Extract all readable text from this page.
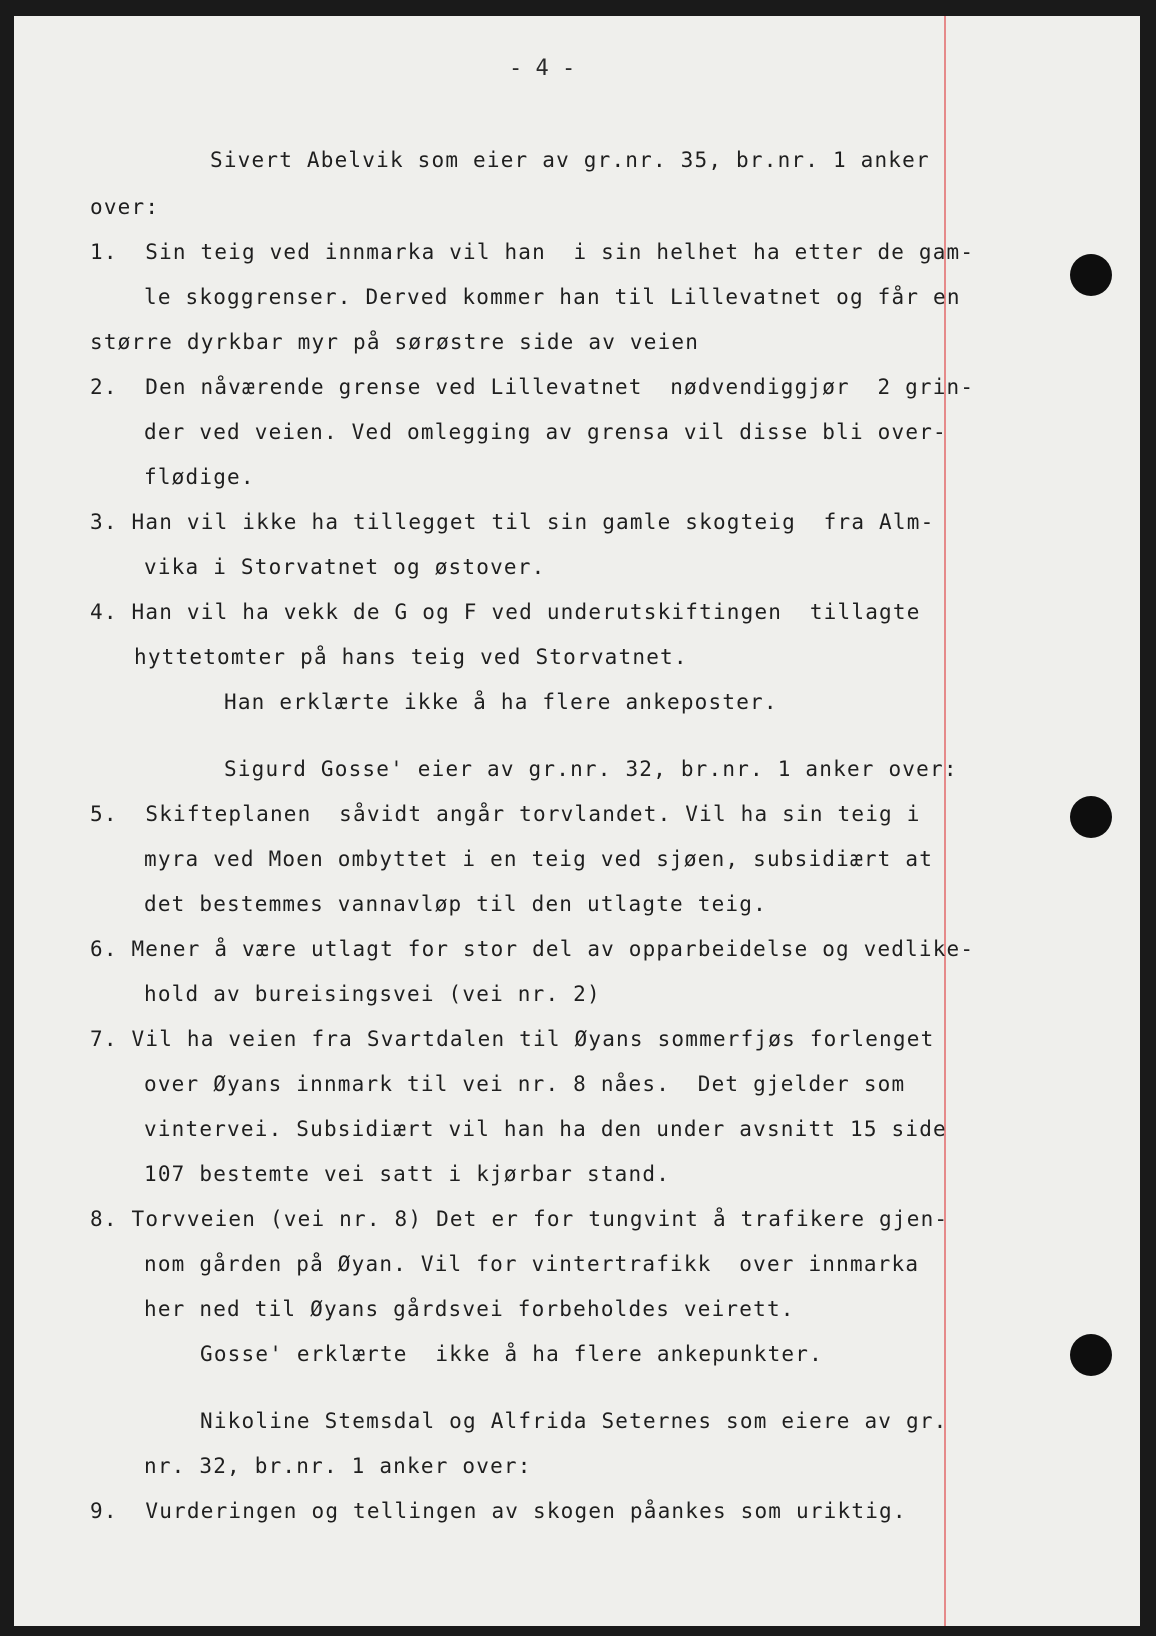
- 4 -
Sivert Abelvik som eier av gr.nr. 35, br.nr. 1 anker
over:
1.  Sin teig ved innmarka vil han  i sin helhet ha etter de gam-
le skoggrenser. Derved kommer han til Lillevatnet og får en
større dyrkbar myr på sørøstre side av veien
2.  Den nåværende grense ved Lillevatnet  nødvendiggjør  2 grin-
der ved veien. Ved omlegging av grensa vil disse bli over-
flødige.
3. Han vil ikke ha tillegget til sin gamle skogteig  fra Alm-
vika i Storvatnet og østover.
4. Han vil ha vekk de G og F ved underutskiftingen  tillagte
hyttetomter på hans teig ved Storvatnet.
Han erklærte ikke å ha flere ankeposter.
Sigurd Gosse' eier av gr.nr. 32, br.nr. 1 anker over:
5.  Skifteplanen  såvidt angår torvlandet. Vil ha sin teig i
myra ved Moen ombyttet i en teig ved sjøen, subsidiært at
det bestemmes vannavløp til den utlagte teig.
6. Mener å være utlagt for stor del av opparbeidelse og vedlike-
hold av bureisingsvei (vei nr. 2)
7. Vil ha veien fra Svartdalen til Øyans sommerfjøs forlenget
over Øyans innmark til vei nr. 8 nåes.  Det gjelder som
vintervei. Subsidiært vil han ha den under avsnitt 15 side
107 bestemte vei satt i kjørbar stand.
8. Torvveien (vei nr. 8) Det er for tungvint å trafikere gjen-
nom gården på Øyan. Vil for vintertrafikk  over innmarka
her ned til Øyans gårdsvei forbeholdes veirett.
Gosse' erklærte  ikke å ha flere ankepunkter.
Nikoline Stemsdal og Alfrida Seternes som eiere av gr.
nr. 32, br.nr. 1 anker over:
9.  Vurderingen og tellingen av skogen påankes som uriktig.
